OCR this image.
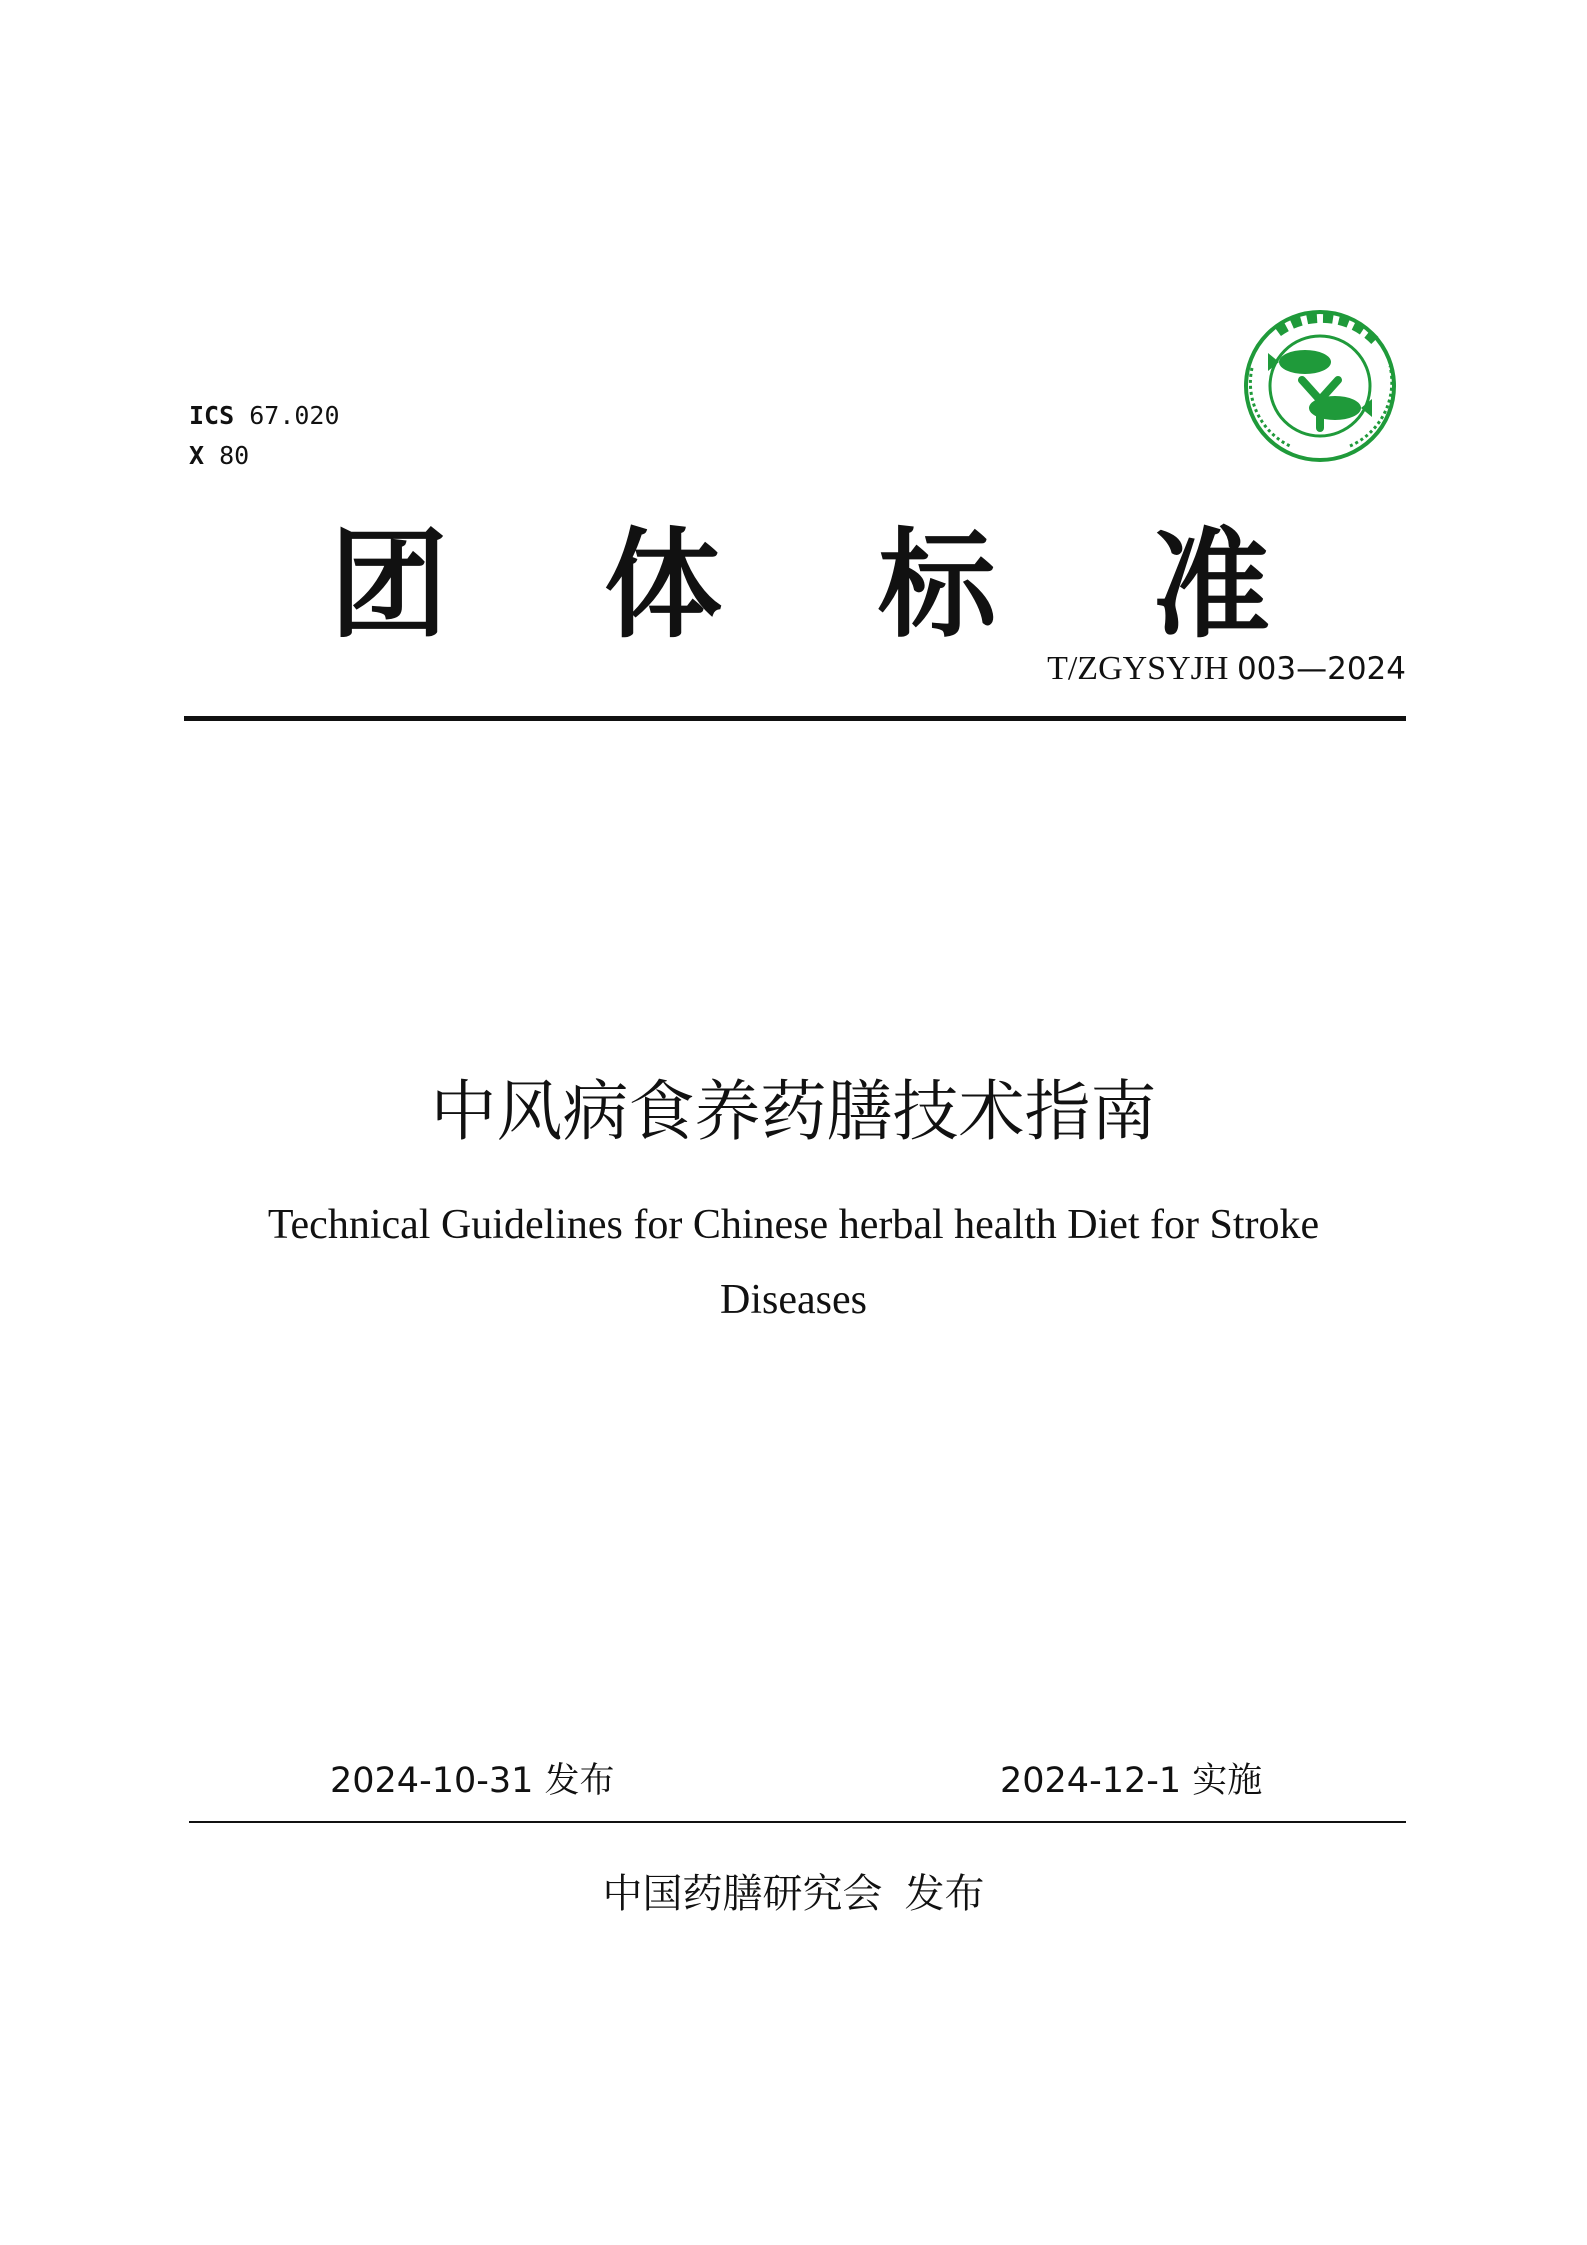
ICS 67.020
X 80
团 体 标 准
T/ZGYSYJH 003—2024
中风病食养药膳技术指南
Technical Guidelines for Chinese herbal health Diet for Stroke Diseases
2024-10-31 发布	2024-12-1 实施
中国药膳研究会 发布
